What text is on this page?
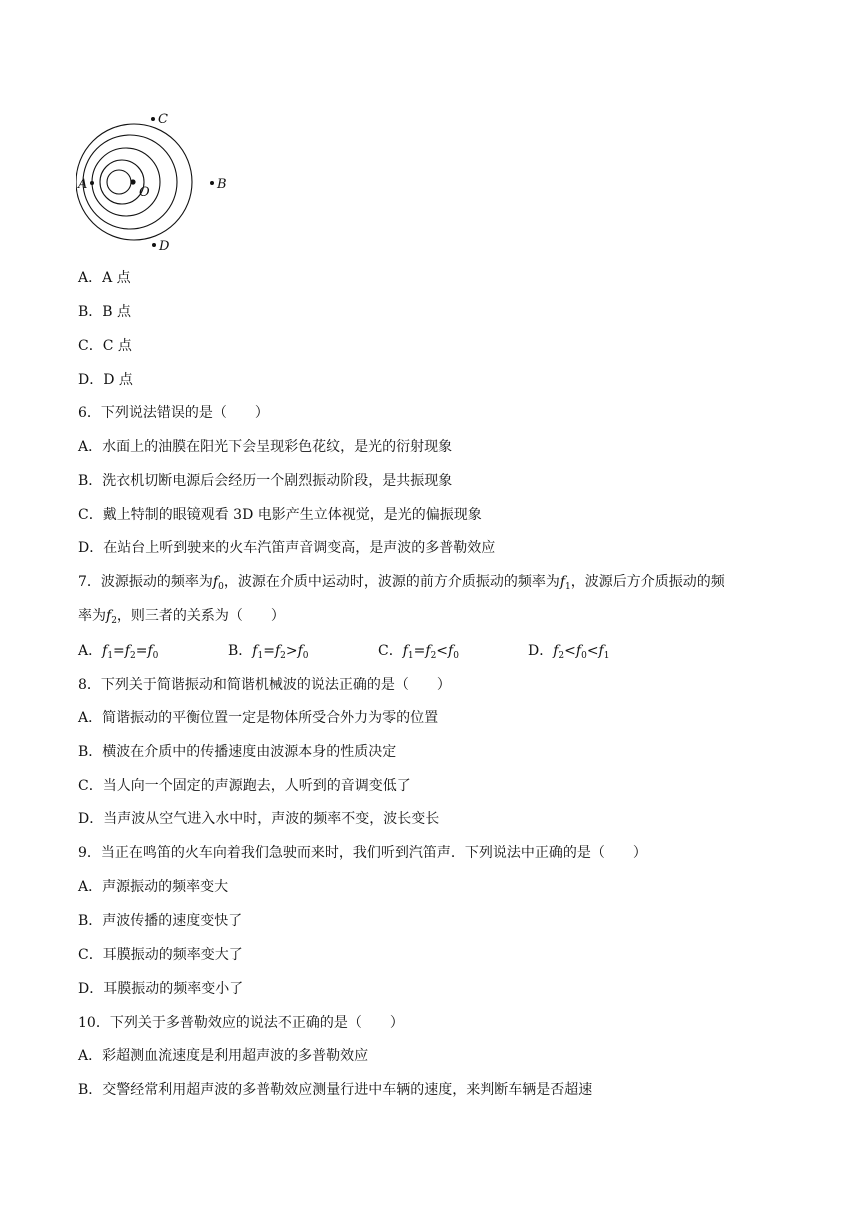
C
A	B
D
O
A．A 点
B．B 点
C．C 点
D．D 点
6．下列说法错误的是（　　）
A．水面上的油膜在阳光下会呈现彩色花纹，是光的衍射现象
B．洗衣机切断电源后会经历一个剧烈振动阶段，是共振现象
C．戴上特制的眼镜观看 3D 电影产生立体视觉，是光的偏振现象
D．在站台上听到驶来的火车汽笛声音调变高，是声波的多普勒效应
7．波源振动的频率为$f_0$，波源在介质中运动时，波源的前方介质振动的频率为$f_1$，波源后方介质振动的频
率为$f_2$，则三者的关系为（　　）
A．$f_1=f_2=f_0$	B．$f_1=f_2>f_0$	C．$f_1=f_2<f_0$	D．$f_2<f_0<f_1$
8．下列关于简谐振动和简谐机械波的说法正确的是（　　）
A．简谐振动的平衡位置一定是物体所受合外力为零的位置
B．横波在介质中的传播速度由波源本身的性质决定
C．当人向一个固定的声源跑去，人听到的音调变低了
D．当声波从空气进入水中时，声波的频率不变，波长变长
9．当正在鸣笛的火车向着我们急驶而来时，我们听到汽笛声．下列说法中正确的是（　　）
A．声源振动的频率变大
B．声波传播的速度变快了
C．耳膜振动的频率变大了
D．耳膜振动的频率变小了
10．下列关于多普勒效应的说法不正确的是（　　）
A．彩超测血流速度是利用超声波的多普勒效应
B．交警经常利用超声波的多普勒效应测量行进中车辆的速度，来判断车辆是否超速
